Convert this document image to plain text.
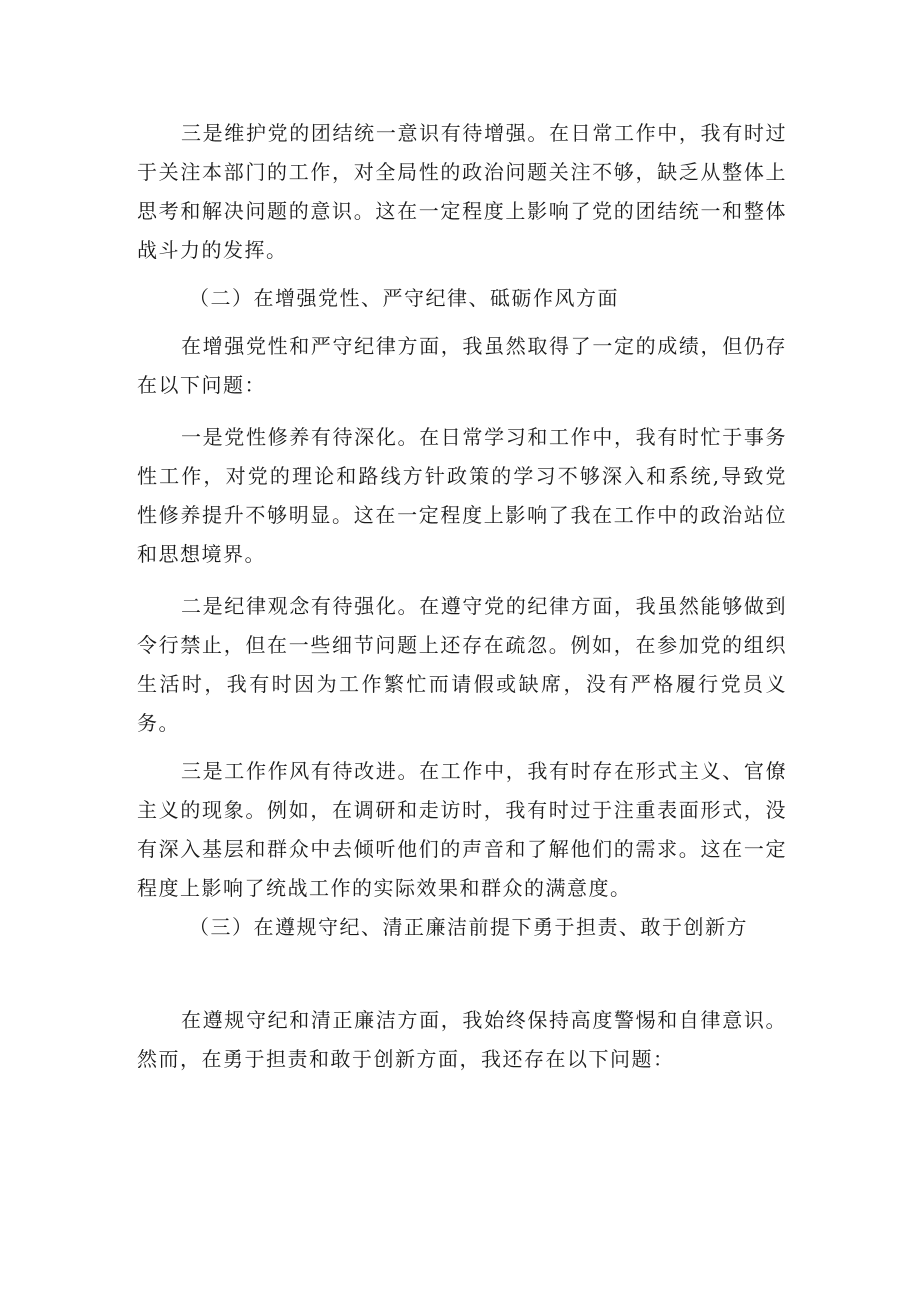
三是维护党的团结统一意识有待增强。在日常工作中，我有时过于关注本部门的工作，对全局性的政治问题关注不够，缺乏从整体上思考和解决问题的意识。这在一定程度上影响了党的团结统一和整体战斗力的发挥。

（二）在增强党性、严守纪律、砥砺作风方面

在增强党性和严守纪律方面，我虽然取得了一定的成绩，但仍存在以下问题：

一是党性修养有待深化。在日常学习和工作中，我有时忙于事务性工作，对党的理论和路线方针政策的学习不够深入和系统,导致党性修养提升不够明显。这在一定程度上影响了我在工作中的政治站位和思想境界。

二是纪律观念有待强化。在遵守党的纪律方面，我虽然能够做到令行禁止，但在一些细节问题上还存在疏忽。例如，在参加党的组织生活时，我有时因为工作繁忙而请假或缺席，没有严格履行党员义务。

三是工作作风有待改进。在工作中，我有时存在形式主义、官僚主义的现象。例如，在调研和走访时，我有时过于注重表面形式，没有深入基层和群众中去倾听他们的声音和了解他们的需求。这在一定程度上影响了统战工作的实际效果和群众的满意度。

（三）在遵规守纪、清正廉洁前提下勇于担责、敢于创新方

在遵规守纪和清正廉洁方面，我始终保持高度警惕和自律意识。然而，在勇于担责和敢于创新方面，我还存在以下问题：
